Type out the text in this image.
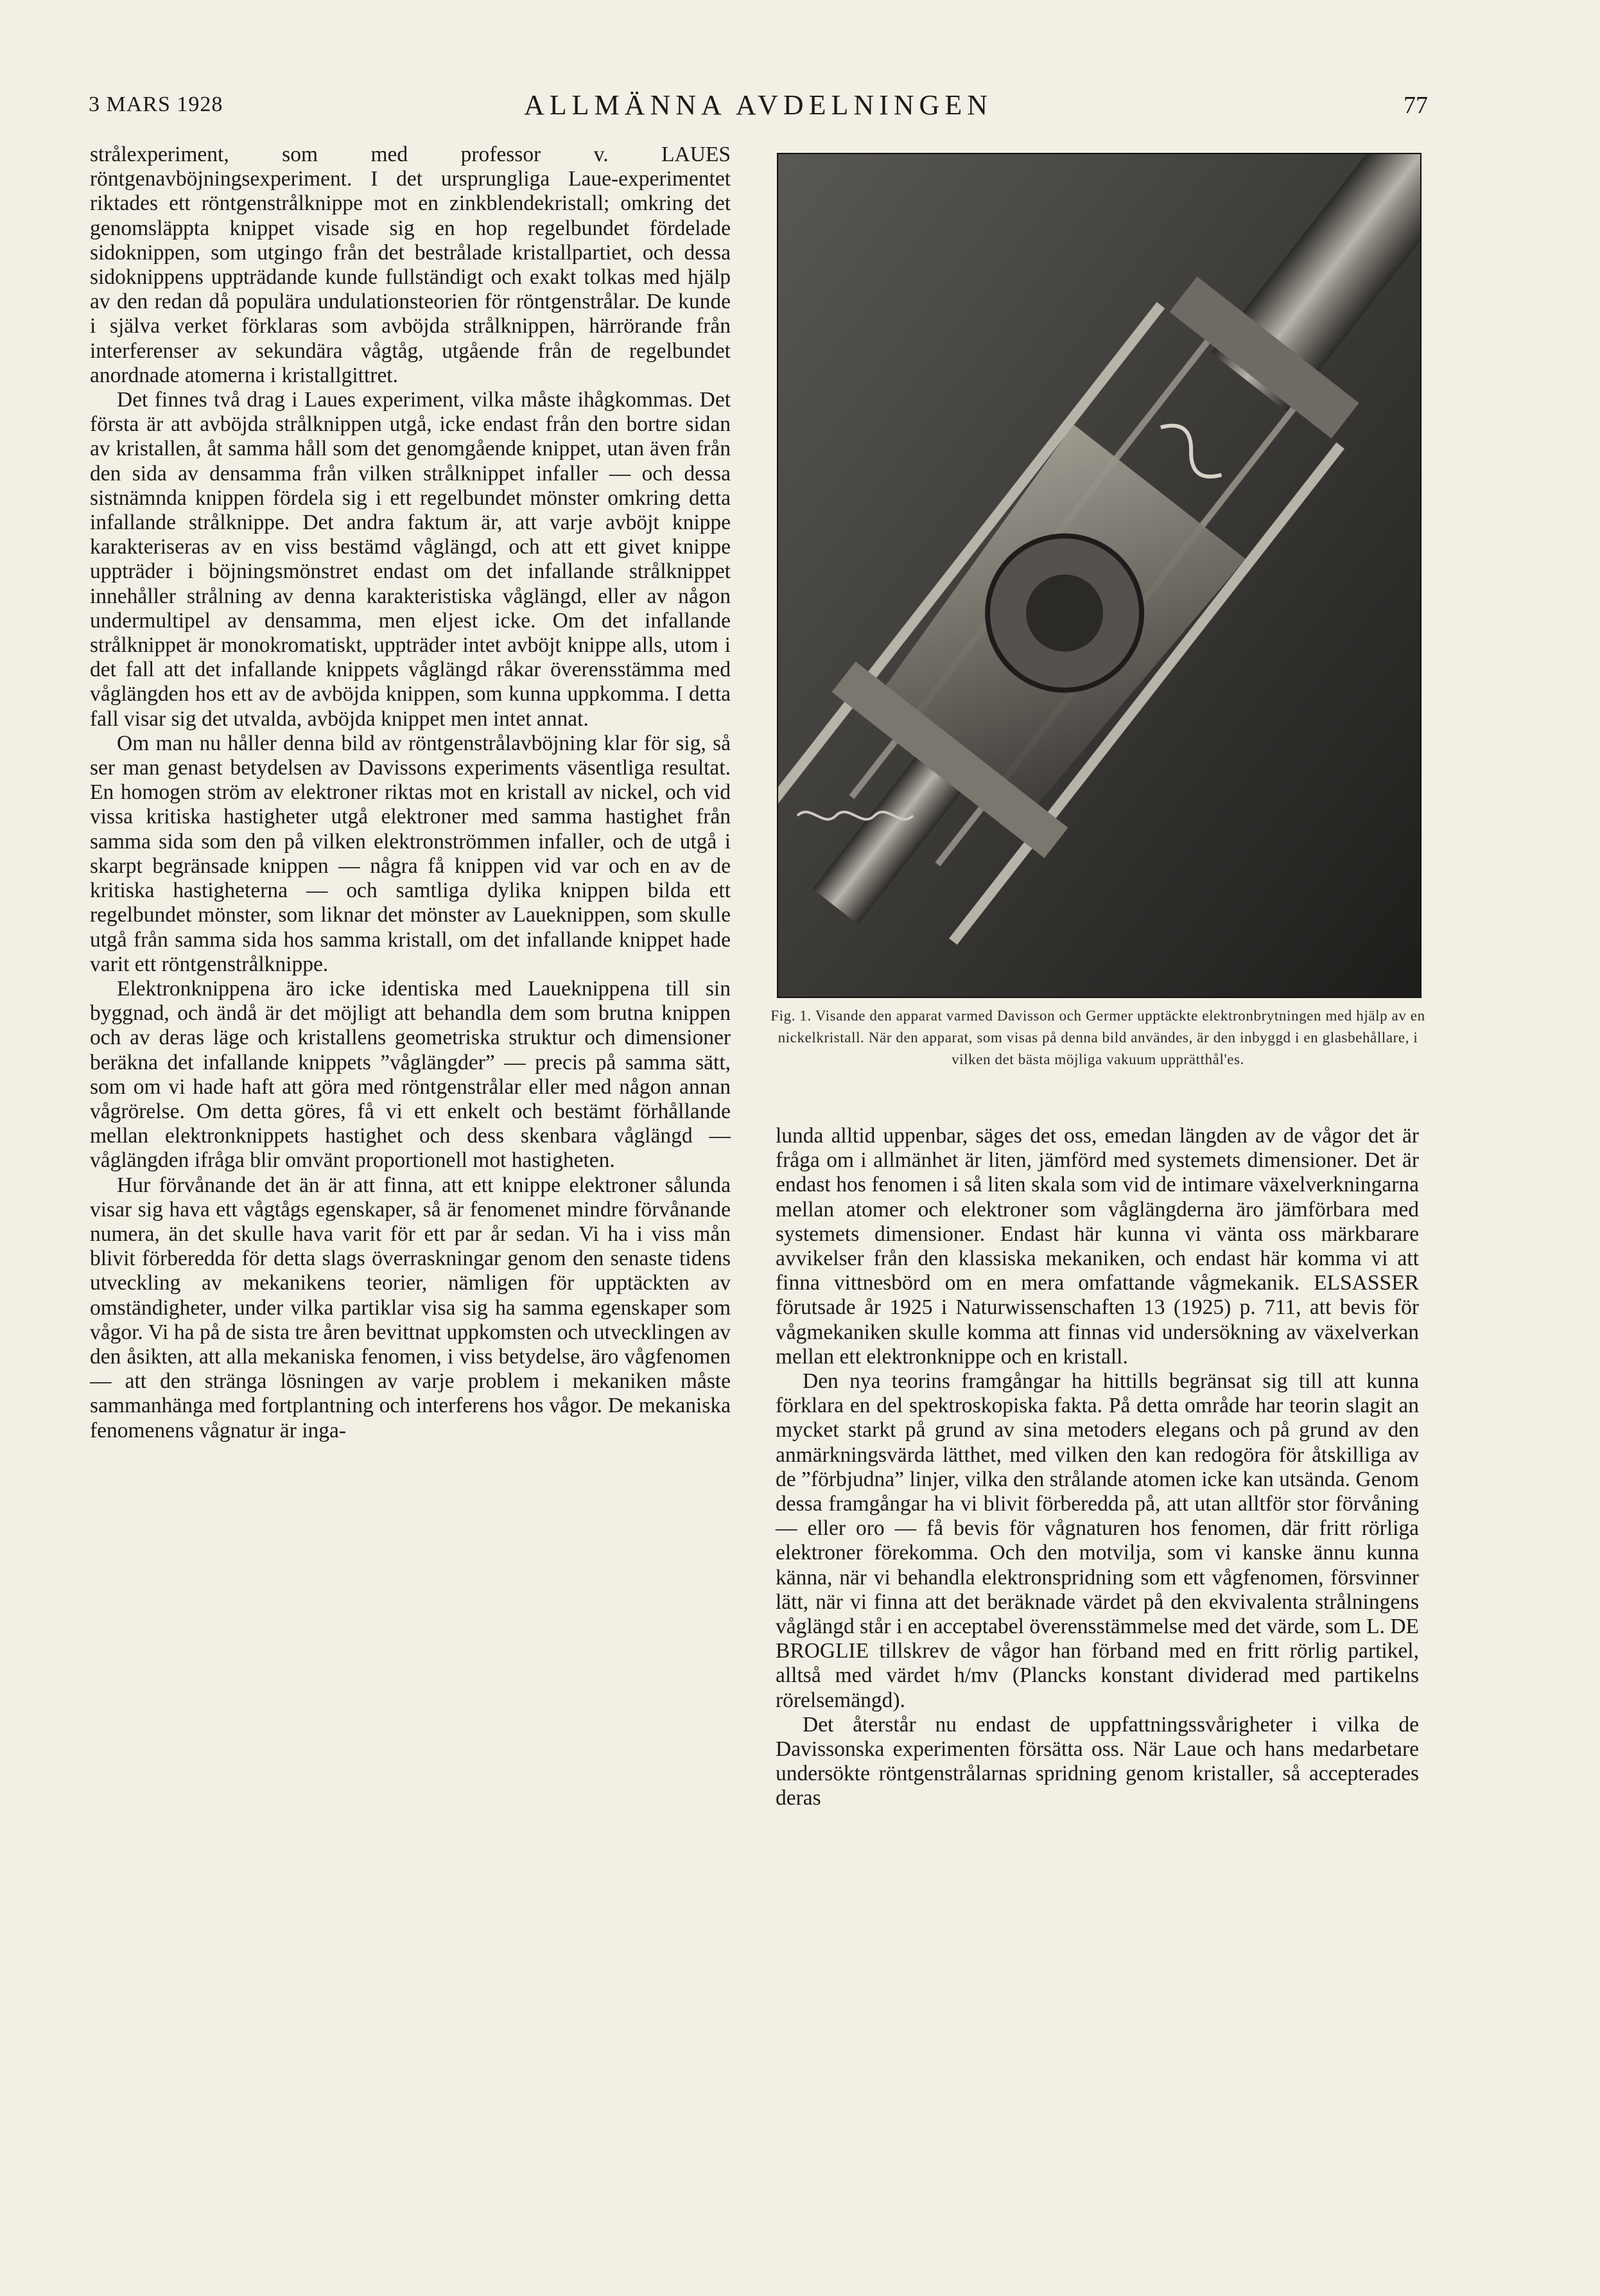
3 MARS 1928	ALLMÄNNA AVDELNINGEN	77

strålexperiment, som med professor v. LAUES röntgenavböjningsexperiment. I det ursprungliga Laue-experimentet riktades ett röntgenstrålknippe mot en zinkblendekristall; omkring det genomsläppta knippet visade sig en hop regelbundet fördelade sidoknippen, som utgingo från det bestrålade kristallpartiet, och dessa sidoknippens uppträdande kunde fullständigt och exakt tolkas med hjälp av den redan då populära undulationsteorien för röntgenstrålar. De kunde i själva verket förklaras som avböjda strålknippen, härrörande från interferenser av sekundära vågtåg, utgående från de regelbundet anordnade atomerna i kristallgittret.

Det finnes två drag i Laues experiment, vilka måste ihågkommas. Det första är att avböjda strålknippen utgå, icke endast från den bortre sidan av kristallen, åt samma håll som det genomgående knippet, utan även från den sida av densamma från vilken strålknippet infaller — och dessa sistnämnda knippen fördela sig i ett regelbundet mönster omkring detta infallande strålknippe. Det andra faktum är, att varje avböjt knippe karakteriseras av en viss bestämd våglängd, och att ett givet knippe uppträder i böjningsmönstret endast om det infallande strålknippet innehåller strålning av denna karakteristiska våglängd, eller av någon undermultipel av densamma, men eljest icke. Om det infallande strålknippet är monokromatiskt, uppträder intet avböjt knippe alls, utom i det fall att det infallande knippets våglängd råkar överensstämma med våglängden hos ett av de avböjda knippen, som kunna uppkomma. I detta fall visar sig det utvalda, avböjda knippet men intet annat.

Om man nu håller denna bild av röntgenstrålavböjning klar för sig, så ser man genast betydelsen av Davissons experiments väsentliga resultat. En homogen ström av elektroner riktas mot en kristall av nickel, och vid vissa kritiska hastigheter utgå elektroner med samma hastighet från samma sida som den på vilken elektronströmmen infaller, och de utgå i skarpt begränsade knippen — några få knippen vid var och en av de kritiska hastigheterna — och samtliga dylika knippen bilda ett regelbundet mönster, som liknar det mönster av Laueknippen, som skulle utgå från samma sida hos samma kristall, om det infallande knippet hade varit ett röntgenstrålknippe.

Elektronknippena äro icke identiska med Laueknippena till sin byggnad, och ändå är det möjligt att behandla dem som brutna knippen och av deras läge och kristallens geometriska struktur och dimensioner beräkna det infallande knippets ”våglängder” — precis på samma sätt, som om vi hade haft att göra med röntgenstrålar eller med någon annan vågrörelse. Om detta göres, få vi ett enkelt och bestämt förhållande mellan elektronknippets hastighet och dess skenbara våglängd — våglängden ifråga blir omvänt proportionell mot hastigheten.

Hur förvånande det än är att finna, att ett knippe elektroner sålunda visar sig hava ett vågtågs egenskaper, så är fenomenet mindre förvånande numera, än det skulle hava varit för ett par år sedan. Vi ha i viss mån blivit förberedda för detta slags överraskningar genom den senaste tidens utveckling av mekanikens teorier, nämligen för upptäckten av omständigheter, under vilka partiklar visa sig ha samma egenskaper som vågor. Vi ha på de sista tre åren bevittnat uppkomsten och utvecklingen av den åsikten, att alla mekaniska fenomen, i viss betydelse, äro vågfenomen — att den stränga lösningen av varje problem i mekaniken måste sammanhänga med fortplantning och interferens hos vågor. De mekaniska fenomenens vågnatur är inga-

Fig. 1. Visande den apparat varmed Davisson och Germer upptäckte elektronbrytningen med hjälp av en nickelkristall. När den apparat, som visas på denna bild användes, är den inbyggd i en glasbehållare, i vilken det bästa möjliga vakuum upprätthål'es.

lunda alltid uppenbar, säges det oss, emedan längden av de vågor det är fråga om i allmänhet är liten, jämförd med systemets dimensioner. Det är endast hos fenomen i så liten skala som vid de intimare växelverkningarna mellan atomer och elektroner som våglängderna äro jämförbara med systemets dimensioner. Endast här kunna vi vänta oss märkbarare avvikelser från den klassiska mekaniken, och endast här komma vi att finna vittnesbörd om en mera omfattande vågmekanik. ELSASSER förutsade år 1925 i Naturwissenschaften 13 (1925) p. 711, att bevis för vågmekaniken skulle komma att finnas vid undersökning av växelverkan mellan ett elektronknippe och en kristall.

Den nya teorins framgångar ha hittills begränsat sig till att kunna förklara en del spektroskopiska fakta. På detta område har teorin slagit an mycket starkt på grund av sina metoders elegans och på grund av den anmärkningsvärda lätthet, med vilken den kan redogöra för åtskilliga av de ”förbjudna” linjer, vilka den strålande atomen icke kan utsända. Genom dessa framgångar ha vi blivit förberedda på, att utan alltför stor förvåning — eller oro — få bevis för vågnaturen hos fenomen, där fritt rörliga elektroner förekomma. Och den motvilja, som vi kanske ännu kunna känna, när vi behandla elektronspridning som ett vågfenomen, försvinner lätt, när vi finna att det beräknade värdet på den ekvivalenta strålningens våglängd står i en acceptabel överensstämmelse med det värde, som L. DE BROGLIE tillskrev de vågor han förband med en fritt rörlig partikel, alltså med värdet h/mv (Plancks konstant dividerad med partikelns rörelsemängd).

Det återstår nu endast de uppfattningssvårigheter i vilka de Davissonska experimenten försätta oss. När Laue och hans medarbetare undersökte röntgenstrålarnas spridning genom kristaller, så accepterades deras
